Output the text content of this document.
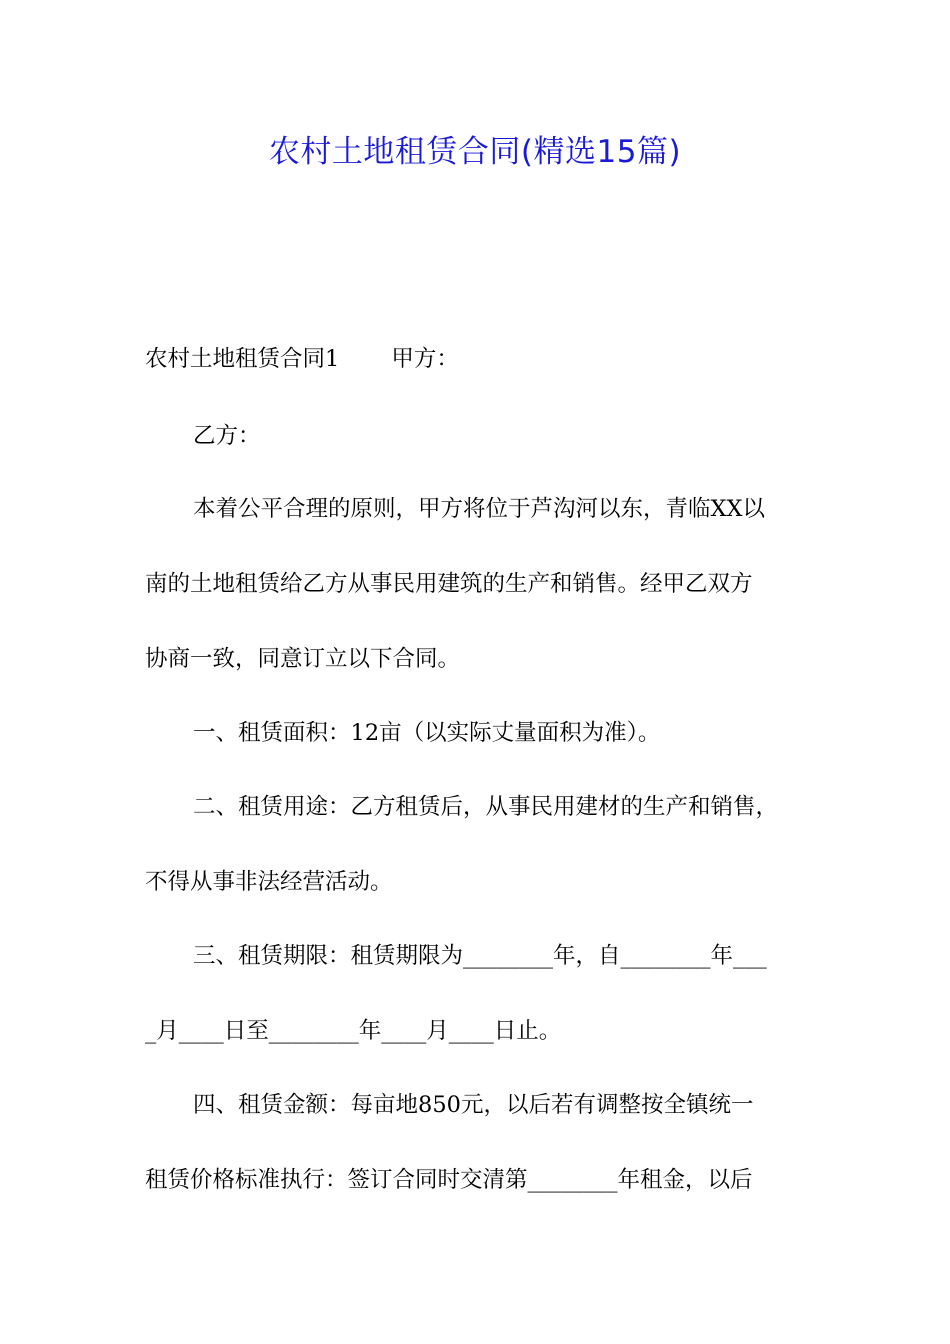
农村土地租赁合同(精选15篇)
农村土地租赁合同1 甲方：
乙方：
本着公平合理的原则，甲方将位于芦沟河以东，青临XX以
南的土地租赁给乙方从事民用建筑的生产和销售。经甲乙双方
协商一致，同意订立以下合同。
一、租赁面积：12亩（以实际丈量面积为准）。
二、租赁用途：乙方租赁后，从事民用建材的生产和销售，
不得从事非法经营活动。
三、租赁期限：租赁期限为________年，自________年___
_月____日至________年____月____日止。
四、租赁金额：每亩地850元，以后若有调整按全镇统一
租赁价格标准执行：签订合同时交清第________年租金，以后
